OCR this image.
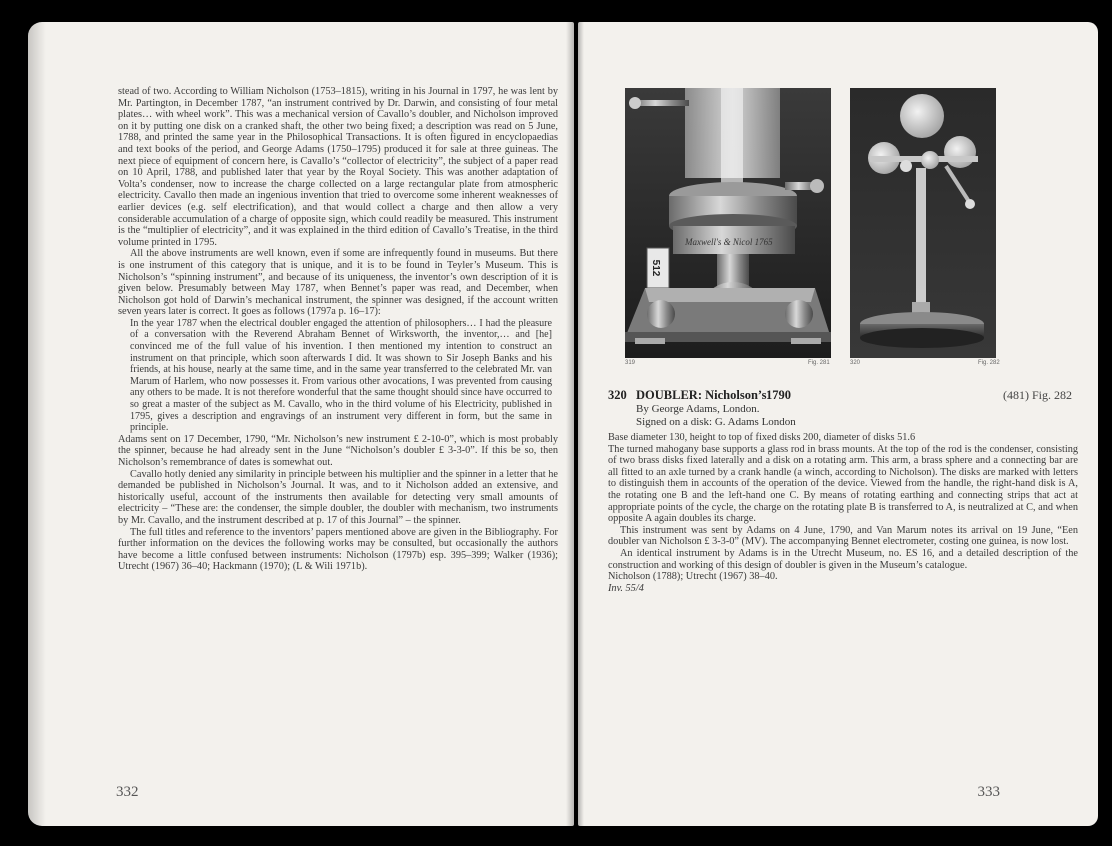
stead of two. According to William Nicholson (1753–1815), writing in his Journal in 1797, he was lent by Mr. Partington, in December 1787, “an instrument contrived by Dr. Darwin, and consisting of four metal plates… with wheel work”. This was a mechanical version of Cavallo’s doubler, and Nicholson improved on it by putting one disk on a cranked shaft, the other two being fixed; a description was read on 5 June, 1788, and printed the same year in the Philosophical Transactions. It is often figured in encyclopaedias and text books of the period, and George Adams (1750–1795) produced it for sale at three guineas. The next piece of equipment of concern here, is Cavallo’s “collector of electricity”, the subject of a paper read on 10 April, 1788, and published later that year by the Royal Society. This was another adaptation of Volta’s condenser, now to increase the charge collected on a large rectangular plate from atmospheric electricity. Cavallo then made an ingenious invention that tried to overcome some inherent weaknesses of earlier devices (e.g. self electrification), and that would collect a charge and then allow a very considerable accumulation of a charge of opposite sign, which could readily be measured. This instrument is the “multiplier of electricity”, and it was explained in the third edition of Cavallo’s Treatise, in the third volume printed in 1795.

All the above instruments are well known, even if some are infrequently found in museums. But there is one instrument of this category that is unique, and it is to be found in Teyler’s Museum. This is Nicholson’s “spinning instrument”, and because of its uniqueness, the inventor’s own description of it is given below. Presumably between May 1787, when Bennet’s paper was read, and December, when Nicholson got hold of Darwin’s mechanical instrument, the spinner was designed, if the account written seven years later is correct. It goes as follows (1797a p. 16–17):

In the year 1787 when the electrical doubler engaged the attention of philosophers… I had the pleasure of a conversation with the Reverend Abraham Bennet of Wirksworth, the inventor,… and [he] convinced me of the full value of his invention. I then mentioned my intention to construct an instrument on that principle, which soon afterwards I did. It was shown to Sir Joseph Banks and his friends, at his house, nearly at the same time, and in the same year transferred to the celebrated Mr. van Marum of Harlem, who now possesses it. From various other avocations, I was prevented from causing any others to be made. It is not therefore wonderful that the same thought should since have occurred to so great a master of the subject as M. Cavallo, who in the third volume of his Electricity, published in 1795, gives a description and engravings of an instrument very different in form, but the same in principle.

Adams sent on 17 December, 1790, “Mr. Nicholson’s new instrument £ 2-10-0”, which is most probably the spinner, because he had already sent in the June “Nicholson’s doubler £ 3-3-0”. If this be so, then Nicholson’s remembrance of dates is somewhat out.

Cavallo hotly denied any similarity in principle between his multiplier and the spinner in a letter that he demanded be published in Nicholson’s Journal. It was, and to it Nicholson added an extensive, and historically useful, account of the instruments then available for detecting very small amounts of electricity – “These are: the condenser, the simple doubler, the doubler with mechanism, two instruments by Mr. Cavallo, and the instrument described at p. 17 of this Journal” – the spinner.

The full titles and reference to the inventors’ papers mentioned above are given in the Bibliography. For further information on the devices the following works may be consulted, but occasionally the authors have become a little confused between instruments: Nicholson (1797b) esp. 395–399; Walker (1936); Utrecht (1967) 36–40; Hackmann (1970); (L & Wili 1971b).

332
Maxwell's & Nicol 1765
512
319	Fig. 281	320	Fig. 282
320 DOUBLER: Nicholson’s 1790	(481) Fig. 282
By George Adams, London.
Signed on a disk: G. Adams London

Base diameter 130, height to top of fixed disks 200, diameter of disks 51.6

The turned mahogany base supports a glass rod in brass mounts. At the top of the rod is the condenser, consisting of two brass disks fixed laterally and a disk on a rotating arm. This arm, a brass sphere and a connecting bar are all fitted to an axle turned by a crank handle (a winch, according to Nicholson). The disks are marked with letters to distinguish them in accounts of the operation of the device. Viewed from the handle, the right-hand disk is A, the rotating one B and the left-hand one C. By means of rotating earthing and connecting strips that act at appropriate points of the cycle, the charge on the rotating plate B is transferred to A, is neutralized at C, and when opposite A again doubles its charge.

This instrument was sent by Adams on 4 June, 1790, and Van Marum notes its arrival on 19 June, “Een doubler van Nicholson £ 3-3-0” (MV). The accompanying Bennet electrometer, costing one guinea, is now lost.

An identical instrument by Adams is in the Utrecht Museum, no. ES 16, and a detailed description of the construction and working of this design of doubler is given in the Museum’s catalogue.

Nicholson (1788); Utrecht (1967) 38–40.

Inv. 55/4

333
